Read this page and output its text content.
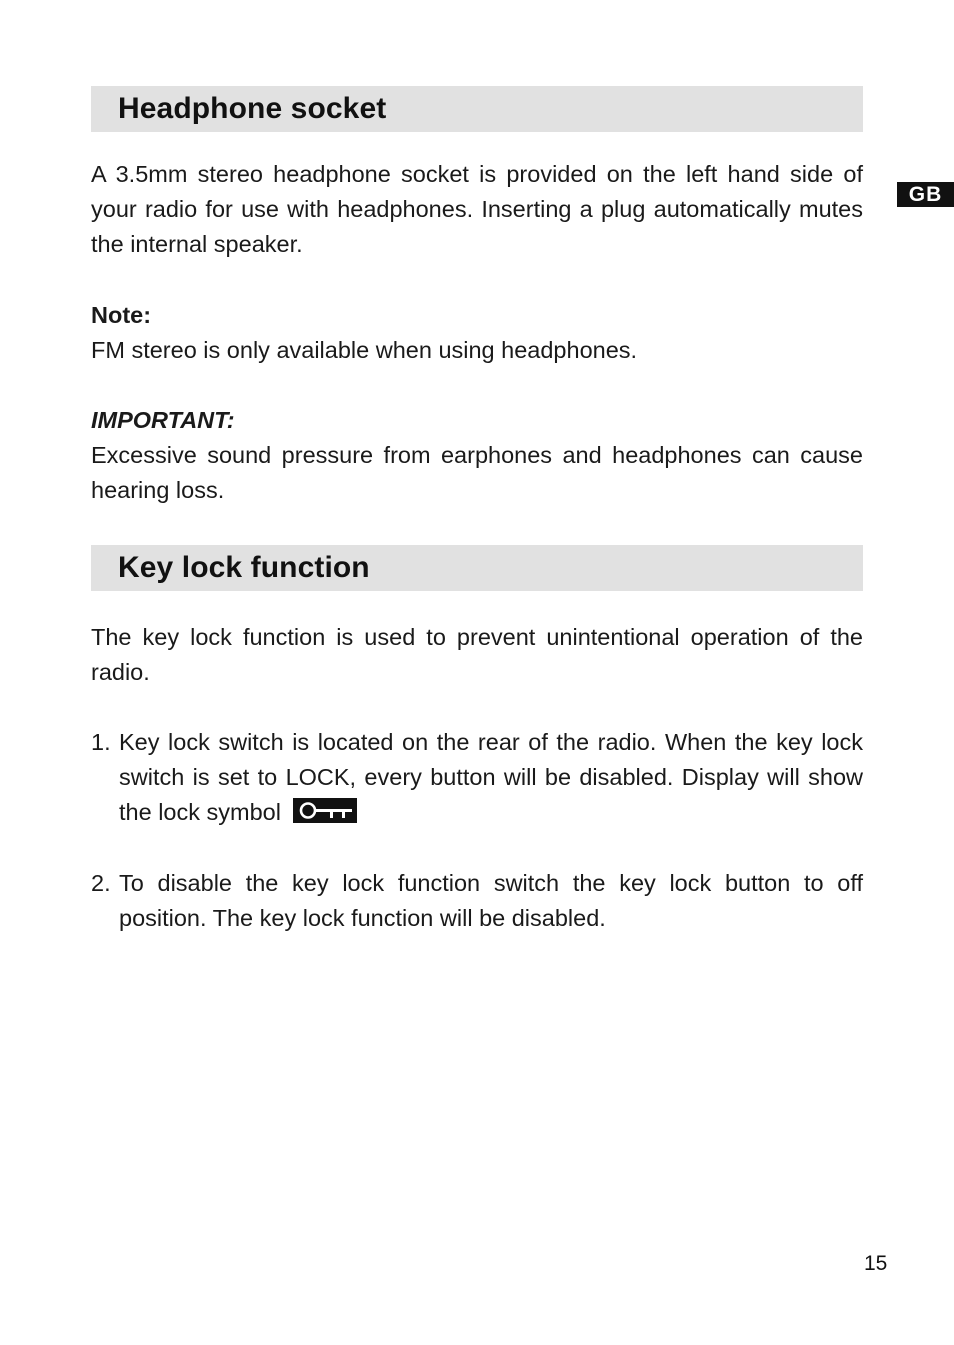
GB
Headphone socket

A 3.5mm stereo headphone socket is provided on the left hand side of your radio for use with headphones. Inserting a plug automatically mutes the internal speaker.

Note:

FM stereo is only available when using headphones.

IMPORTANT:

Excessive sound pressure from earphones and headphones can cause hearing loss.

Key lock function

The key lock function is used to prevent unintentional operation of the radio.

1. Key lock switch is located on the rear of the radio. When the key lock switch is set to LOCK, every button will be disabled. Display will show the lock symbol
2. To disable the key lock function switch the key lock button to off position. The key lock function will be disabled.
15
